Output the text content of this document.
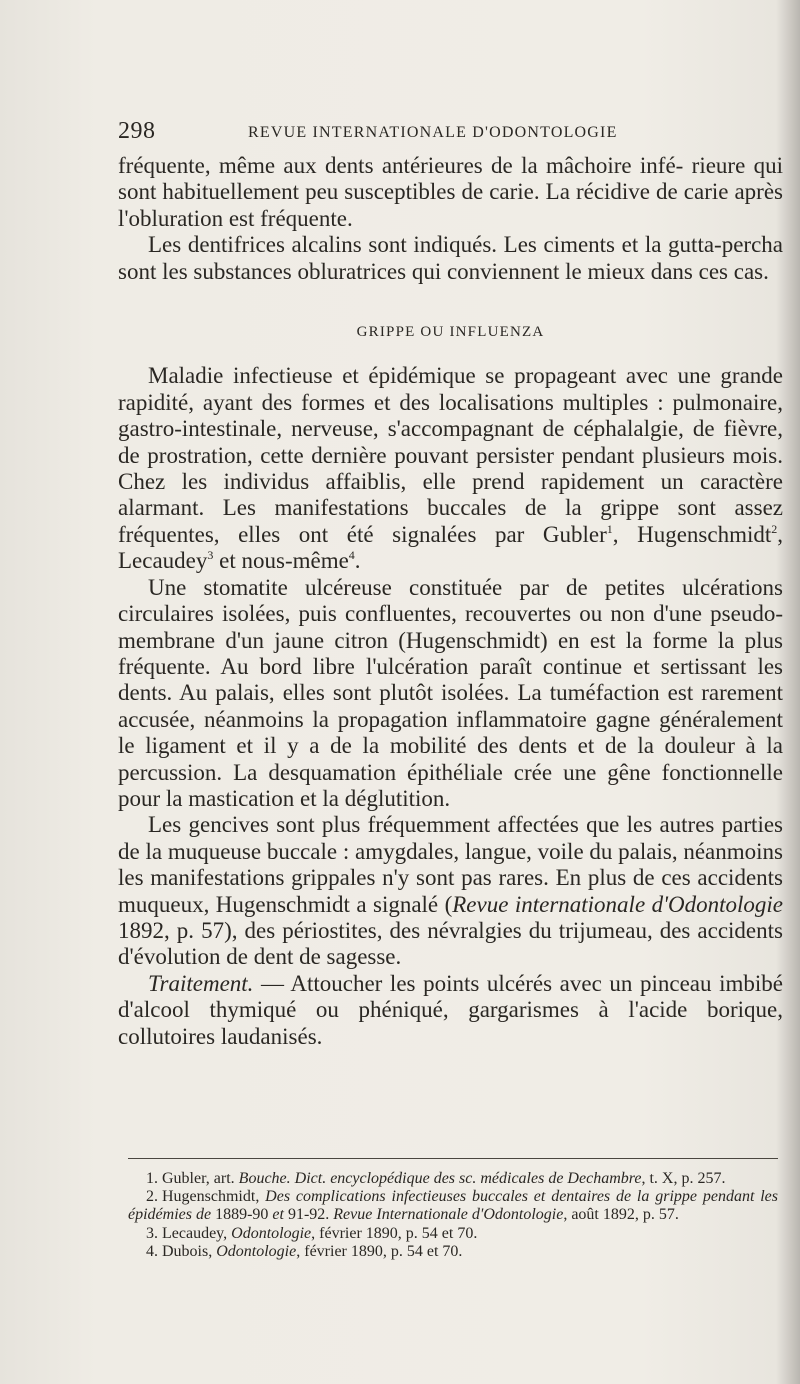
298	REVUE INTERNATIONALE D'ODONTOLOGIE

fréquente, même aux dents antérieures de la mâchoire infé- rieure qui sont habituellement peu susceptibles de carie. La récidive de carie après l'obluration est fréquente.

Les dentifrices alcalins sont indiqués. Les ciments et la gutta-percha sont les substances obluratrices qui conviennent le mieux dans ces cas.

GRIPPE OU INFLUENZA

Maladie infectieuse et épidémique se propageant avec une grande rapidité, ayant des formes et des localisations multiples : pulmonaire, gastro-intestinale, nerveuse, s'accompagnant de céphalalgie, de fièvre, de prostration, cette dernière pouvant persister pendant plusieurs mois. Chez les individus affaiblis, elle prend rapidement un caractère alarmant. Les manifestations buccales de la grippe sont assez fréquentes, elles ont été signalées par Gubler$^1$, Hugenschmidt$^2$, Lecaudey$^3$ et nous-même$^4$.

Une stomatite ulcéreuse constituée par de petites ulcérations circulaires isolées, puis confluentes, recouvertes ou non d'une pseudo-membrane d'un jaune citron (Hugenschmidt) en est la forme la plus fréquente. Au bord libre l'ulcération paraît continue et sertissant les dents. Au palais, elles sont plutôt isolées. La tuméfaction est rarement accusée, néanmoins la propagation inflammatoire gagne généralement le ligament et il y a de la mobilité des dents et de la douleur à la percussion. La desquamation épithéliale crée une gêne fonctionnelle pour la mastication et la déglutition.

Les gencives sont plus fréquemment affectées que les autres parties de la muqueuse buccale : amygdales, langue, voile du palais, néanmoins les manifestations grippales n'y sont pas rares. En plus de ces accidents muqueux, Hugenschmidt a signalé (Revue internationale d'Odontologie 1892, p. 57), des périostites, des névralgies du trijumeau, des accidents d'évolution de dent de sagesse.

Traitement. — Attoucher les points ulcérés avec un pinceau imbibé d'alcool thymiqué ou phéniqué, gargarismes à l'acide borique, collutoires laudanisés.

1. Gubler, art. Bouche. Dict. encyclopédique des sc. médicales de Dechambre, t. X, p. 257.

2. Hugenschmidt, Des complications infectieuses buccales et dentaires de la grippe pendant les épidémies de 1889-90 et 91-92. Revue Internationale d'Odontologie, août 1892, p. 57.

3. Lecaudey, Odontologie, février 1890, p. 54 et 70.

4. Dubois, Odontologie, février 1890, p. 54 et 70.
